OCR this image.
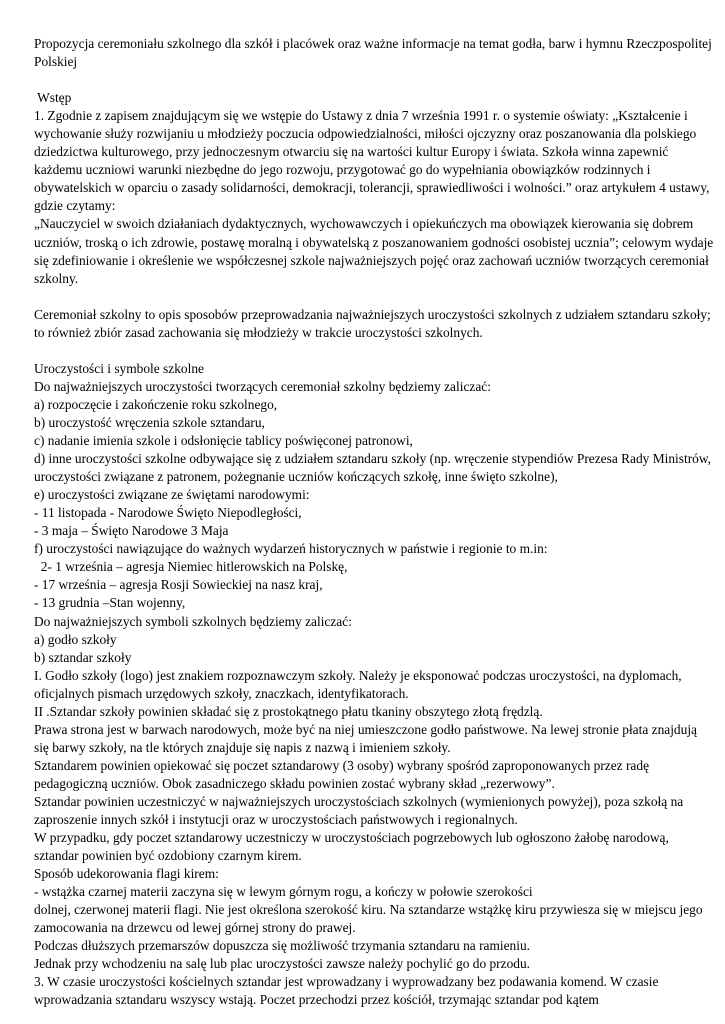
Propozycja ceremoniału szkolnego dla szkół i placówek oraz ważne informacje na temat godła, barw i hymnu Rzeczpospolitej Polskiej

Wstęp

1. Zgodnie z zapisem znajdującym się we wstępie do Ustawy z dnia 7 września 1991 r. o systemie oświaty: „Kształcenie i wychowanie służy rozwijaniu u młodzieży poczucia odpowiedzialności, miłości ojczyzny oraz poszanowania dla polskiego dziedzictwa kulturowego, przy jednoczesnym otwarciu się na wartości kultur Europy i świata. Szkoła winna zapewnić każdemu uczniowi warunki niezbędne do jego rozwoju, przygotować go do wypełniania obowiązków rodzinnych i obywatelskich w oparciu o zasady solidarności, demokracji, tolerancji, sprawiedliwości i wolności.” oraz artykułem 4 ustawy, gdzie czytamy:

„Nauczyciel w swoich działaniach dydaktycznych, wychowawczych i opiekuńczych ma obowiązek kierowania się dobrem uczniów, troską o ich zdrowie, postawę moralną i obywatelską z poszanowaniem godności osobistej ucznia”; celowym wydaje się zdefiniowanie i określenie we współczesnej szkole najważniejszych pojęć oraz zachowań uczniów tworzących ceremoniał szkolny.

Ceremoniał szkolny to opis sposobów przeprowadzania najważniejszych uroczystości szkolnych z udziałem sztandaru szkoły; to również zbiór zasad zachowania się młodzieży w trakcie uroczystości szkolnych.

Uroczystości i symbole szkolne

Do najważniejszych uroczystości tworzących ceremoniał szkolny będziemy zaliczać:

a) rozpoczęcie i zakończenie roku szkolnego,

b) uroczystość wręczenia szkole sztandaru,

c) nadanie imienia szkole i odsłonięcie tablicy poświęconej patronowi,

d) inne uroczystości szkolne odbywające się z udziałem sztandaru szkoły (np. wręczenie stypendiów Prezesa Rady Ministrów, uroczystości związane z patronem, pożegnanie uczniów kończących szkołę, inne święto szkolne),

e) uroczystości związane ze świętami narodowymi:

- 11 listopada - Narodowe Święto Niepodległości,

- 3 maja – Święto Narodowe 3 Maja

f) uroczystości nawiązujące do ważnych wydarzeń historycznych w państwie i regionie to m.in:

2- 1 września – agresja Niemiec hitlerowskich na Polskę,

- 17 września – agresja Rosji Sowieckiej na nasz kraj,

- 13 grudnia –Stan wojenny,

Do najważniejszych symboli szkolnych będziemy zaliczać:

a) godło szkoły

b) sztandar szkoły

I. Godło szkoły (logo) jest znakiem rozpoznawczym szkoły. Należy je eksponować podczas uroczystości, na dyplomach, oficjalnych pismach urzędowych szkoły, znaczkach, identyfikatorach.

II .Sztandar szkoły powinien składać się z prostokątnego płatu tkaniny obszytego złotą frędzlą.

Prawa strona jest w barwach narodowych, może być na niej umieszczone godło państwowe. Na lewej stronie płata znajdują się barwy szkoły, na tle których znajduje się napis z nazwą i imieniem szkoły.

Sztandarem powinien opiekować się poczet sztandarowy (3 osoby) wybrany spośród zaproponowanych przez radę pedagogiczną uczniów. Obok zasadniczego składu powinien zostać wybrany skład „rezerwowy”.

Sztandar powinien uczestniczyć w najważniejszych uroczystościach szkolnych (wymienionych powyżej), poza szkołą na zaproszenie innych szkół i instytucji oraz w uroczystościach państwowych i regionalnych.

W przypadku, gdy poczet sztandarowy uczestniczy w uroczystościach pogrzebowych lub ogłoszono żałobę narodową, sztandar powinien być ozdobiony czarnym kirem.

Sposób udekorowania flagi kirem:

- wstążka czarnej materii zaczyna się w lewym górnym rogu, a kończy w połowie szerokości

dolnej, czerwonej materii flagi. Nie jest określona szerokość kiru. Na sztandarze wstążkę kiru przywiesza się w miejscu jego zamocowania na drzewcu od lewej górnej strony do prawej.

Podczas dłuższych przemarszów dopuszcza się możliwość trzymania sztandaru na ramieniu.

Jednak przy wchodzeniu na salę lub plac uroczystości zawsze należy pochylić go do przodu.

3. W czasie uroczystości kościelnych sztandar jest wprowadzany i wyprowadzany bez podawania komend. W czasie wprowadzania sztandaru wszyscy wstają. Poczet przechodzi przez kościół, trzymając sztandar pod kątem
